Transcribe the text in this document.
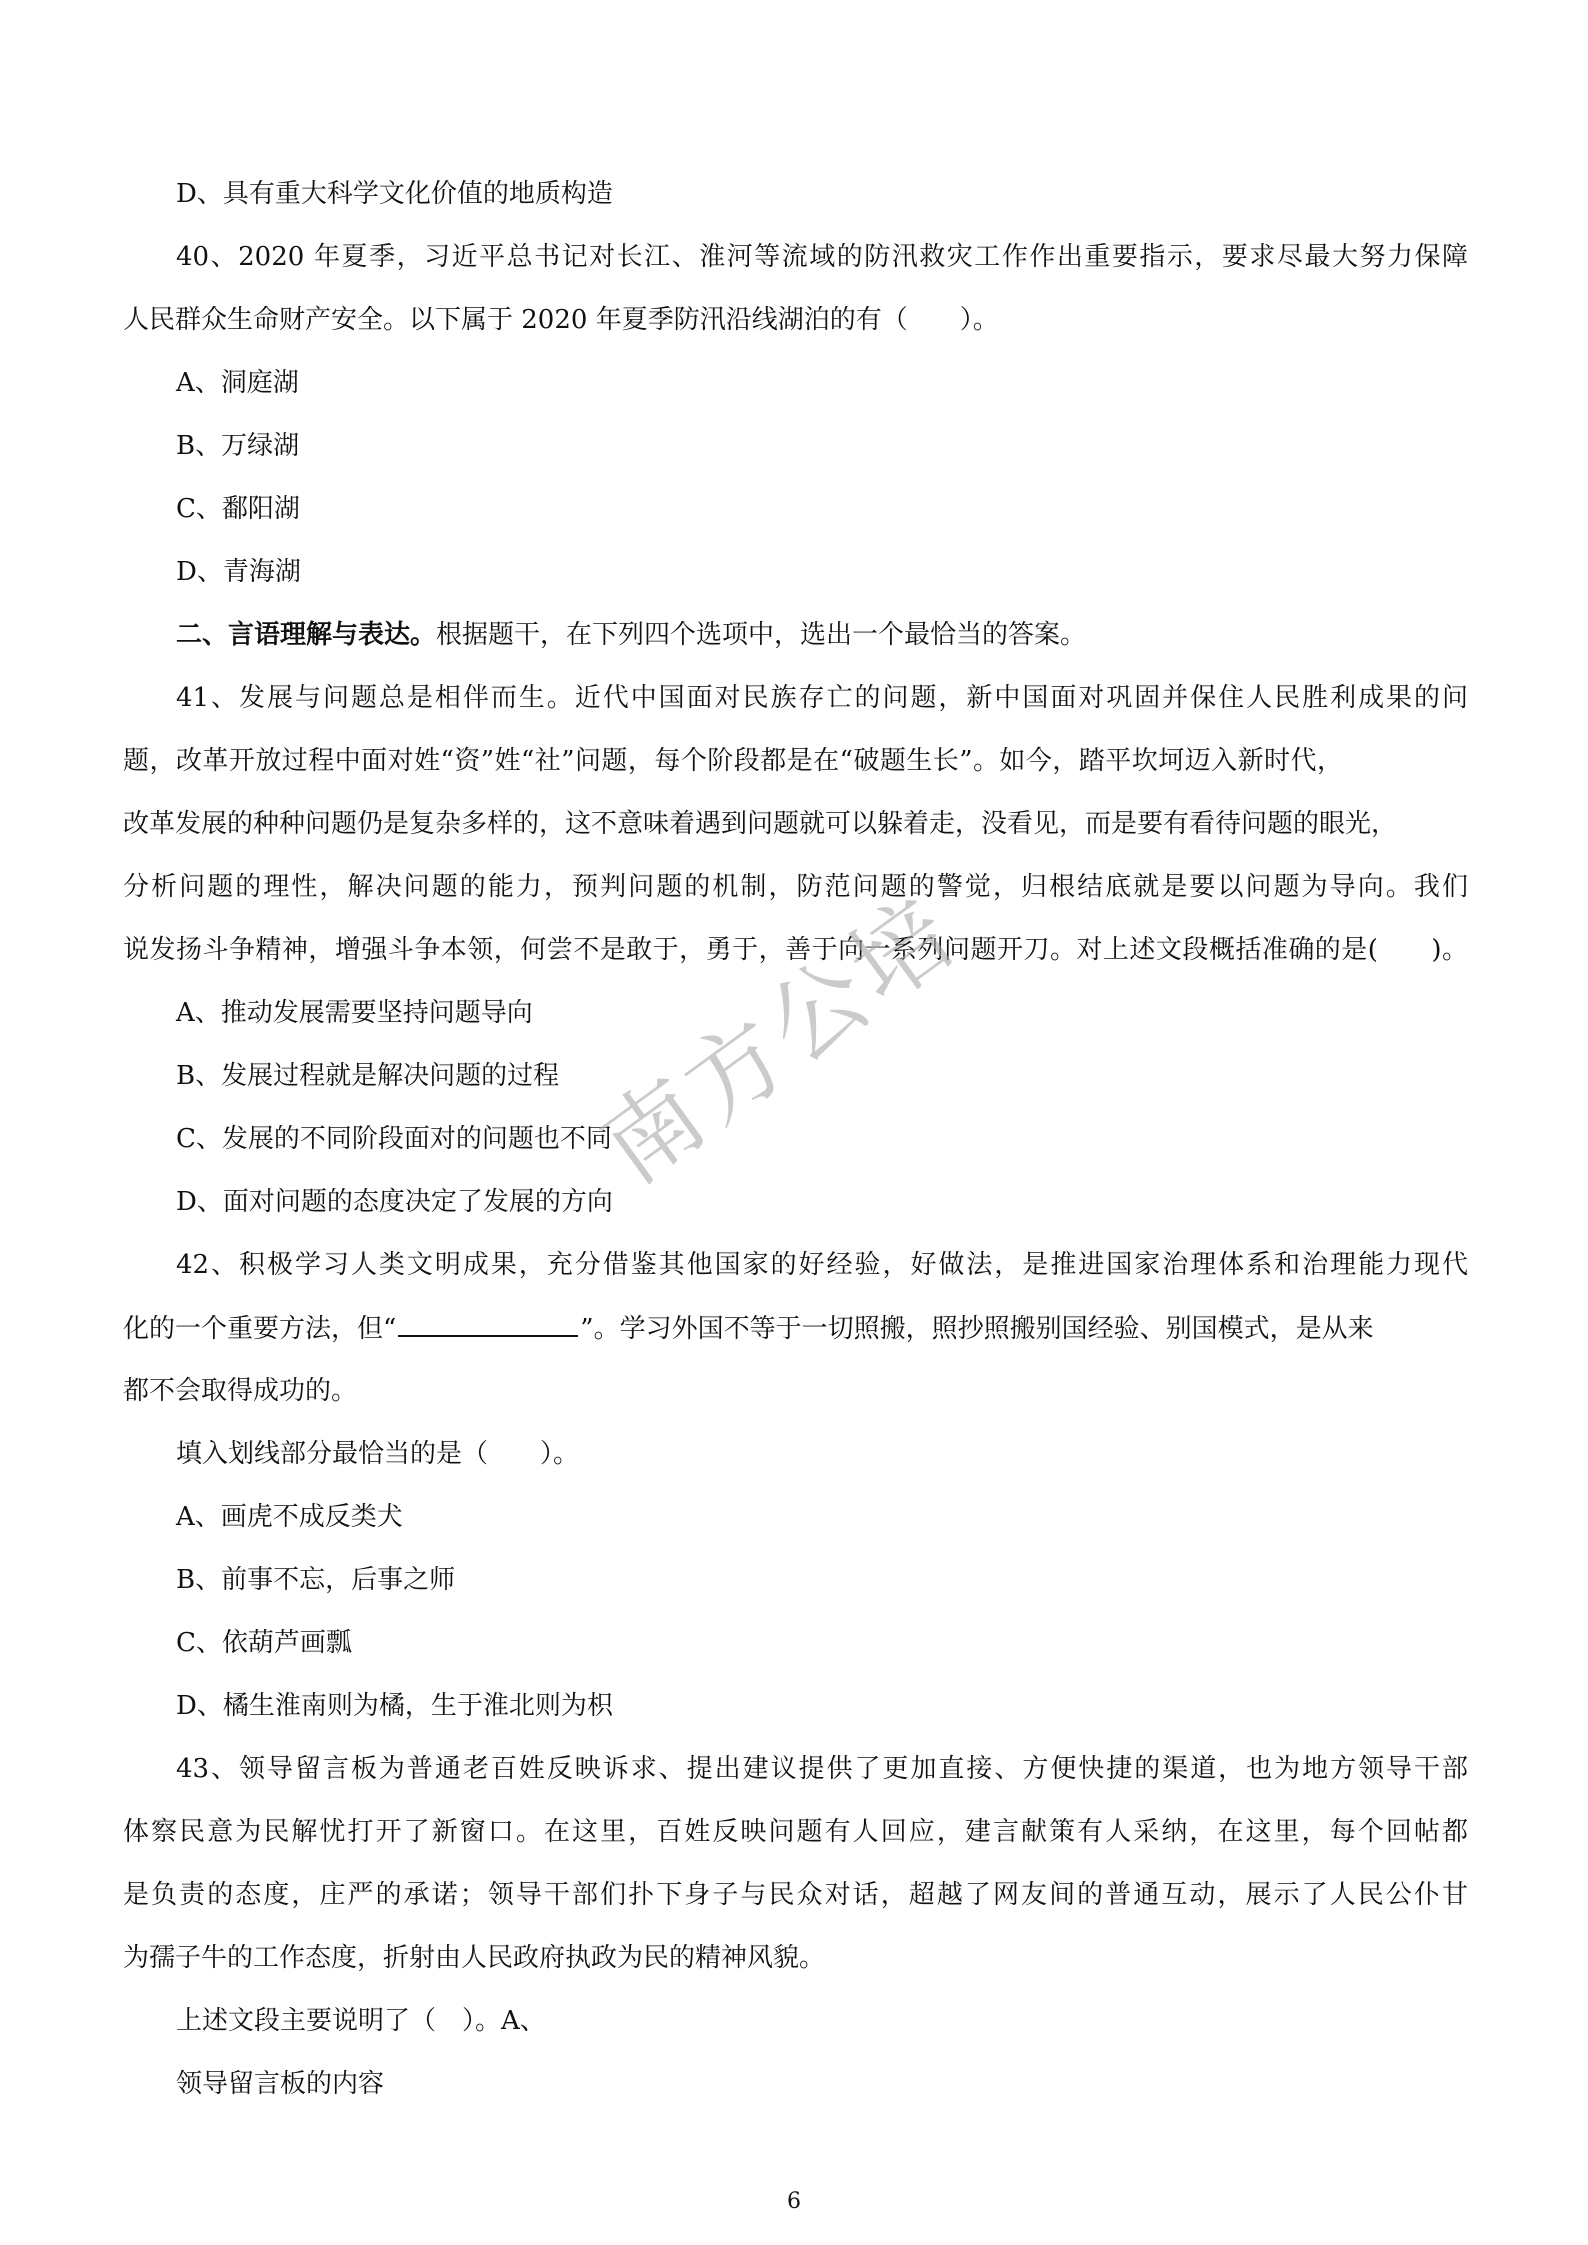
D、具有重大科学文化价值的地质构造
40、2020 年夏季，习近平总书记对长江、淮河等流域的防汛救灾工作作出重要指示，要求尽最大努力保障
人民群众生命财产安全。以下属于 2020 年夏季防汛沿线湖泊的有（　　）。
A、洞庭湖
B、万绿湖
C、鄱阳湖
D、青海湖
二、言语理解与表达。根据题干，在下列四个选项中，选出一个最恰当的答案。
41、发展与问题总是相伴而生。近代中国面对民族存亡的问题，新中国面对巩固并保住人民胜利成果的问
题，改革开放过程中面对姓“资”姓“社”问题，每个阶段都是在“破题生长”。如今，踏平坎坷迈入新时代，
改革发展的种种问题仍是复杂多样的，这不意味着遇到问题就可以躲着走，没看见，而是要有看待问题的眼光，
分析问题的理性，解决问题的能力，预判问题的机制，防范问题的警觉，归根结底就是要以问题为导向。我们
说发扬斗争精神，增强斗争本领，何尝不是敢于，勇于，善于向一系列问题开刀。对上述文段概括准确的是(　　)。
A、推动发展需要坚持问题导向
B、发展过程就是解决问题的过程
C、发展的不同阶段面对的问题也不同
D、面对问题的态度决定了发展的方向
42、积极学习人类文明成果，充分借鉴其他国家的好经验，好做法，是推进国家治理体系和治理能力现代
化的一个重要方法，但“	”。学习外国不等于一切照搬，照抄照搬别国经验、别国模式，是从来
都不会取得成功的。
填入划线部分最恰当的是（　　）。
A、画虎不成反类犬
B、前事不忘，后事之师
C、依葫芦画瓢
D、橘生淮南则为橘，生于淮北则为枳
43、领导留言板为普通老百姓反映诉求、提出建议提供了更加直接、方便快捷的渠道，也为地方领导干部
体察民意为民解忧打开了新窗口。在这里，百姓反映问题有人回应，建言献策有人采纳，在这里，每个回帖都
是负责的态度，庄严的承诺；领导干部们扑下身子与民众对话，超越了网友间的普通互动，展示了人民公仆甘
为孺子牛的工作态度，折射由人民政府执政为民的精神风貌。
上述文段主要说明了（　）。A、
领导留言板的内容
南方公培
6
